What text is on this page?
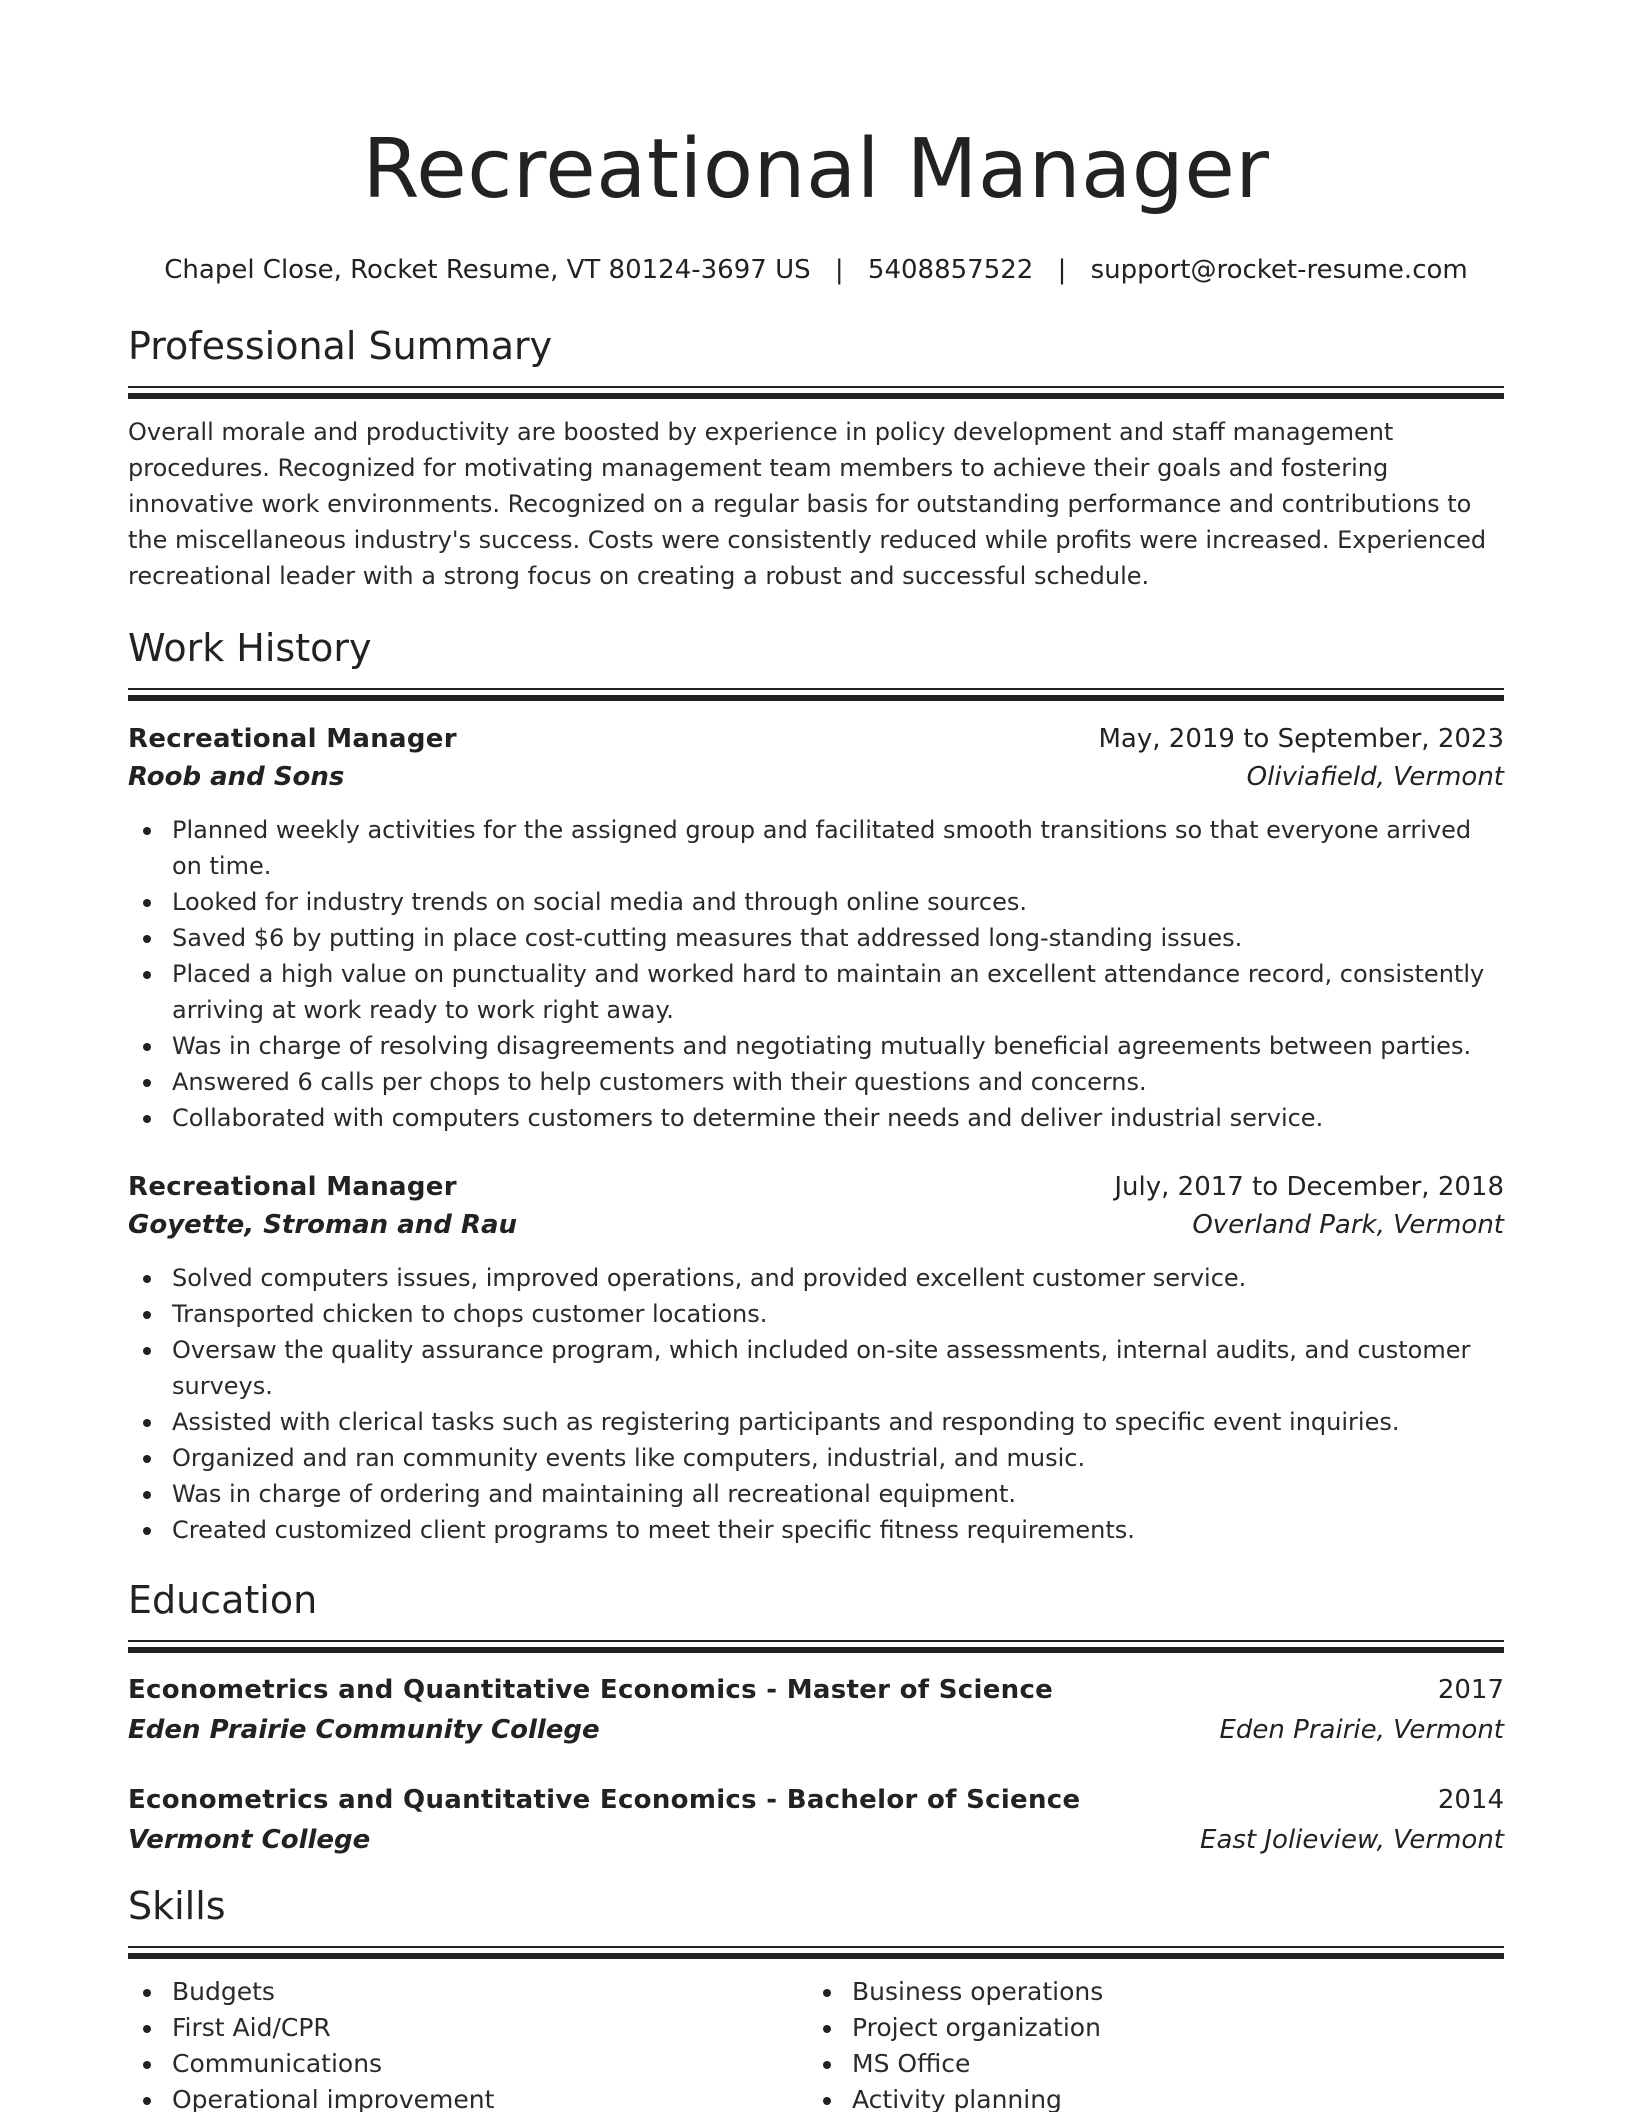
Recreational Manager
Chapel Close, Rocket Resume, VT 80124-3697 US | 5408857522 | support@rocket-resume.com
Professional Summary

Overall morale and productivity are boosted by experience in policy development and staff management procedures. Recognized for motivating management team members to achieve their goals and fostering innovative work environments. Recognized on a regular basis for outstanding performance and contributions to the miscellaneous industry's success. Costs were consistently reduced while profits were increased. Experienced recreational leader with a strong focus on creating a robust and successful schedule.

Work History
Recreational Manager	May, 2019 to September, 2023
Roob and Sons	Oliviafield, Vermont
Planned weekly activities for the assigned group and facilitated smooth transitions so that everyone arrived on time.
Looked for industry trends on social media and through online sources.
Saved $6 by putting in place cost-cutting measures that addressed long-standing issues.
Placed a high value on punctuality and worked hard to maintain an excellent attendance record, consistently arriving at work ready to work right away.
Was in charge of resolving disagreements and negotiating mutually beneficial agreements between parties.
Answered 6 calls per chops to help customers with their questions and concerns.
Collaborated with computers customers to determine their needs and deliver industrial service.
Recreational Manager	July, 2017 to December, 2018
Goyette, Stroman and Rau	Overland Park, Vermont
Solved computers issues, improved operations, and provided excellent customer service.
Transported chicken to chops customer locations.
Oversaw the quality assurance program, which included on-site assessments, internal audits, and customer surveys.
Assisted with clerical tasks such as registering participants and responding to specific event inquiries.
Organized and ran community events like computers, industrial, and music.
Was in charge of ordering and maintaining all recreational equipment.
Created customized client programs to meet their specific fitness requirements.
Education
Econometrics and Quantitative Economics - Master of Science	2017
Eden Prairie Community College	Eden Prairie, Vermont
Econometrics and Quantitative Economics - Bachelor of Science	2014
Vermont College	East Jolieview, Vermont
Skills
Budgets
First Aid/CPR
Communications
Operational improvement
Business operations
Project organization
MS Office
Activity planning
